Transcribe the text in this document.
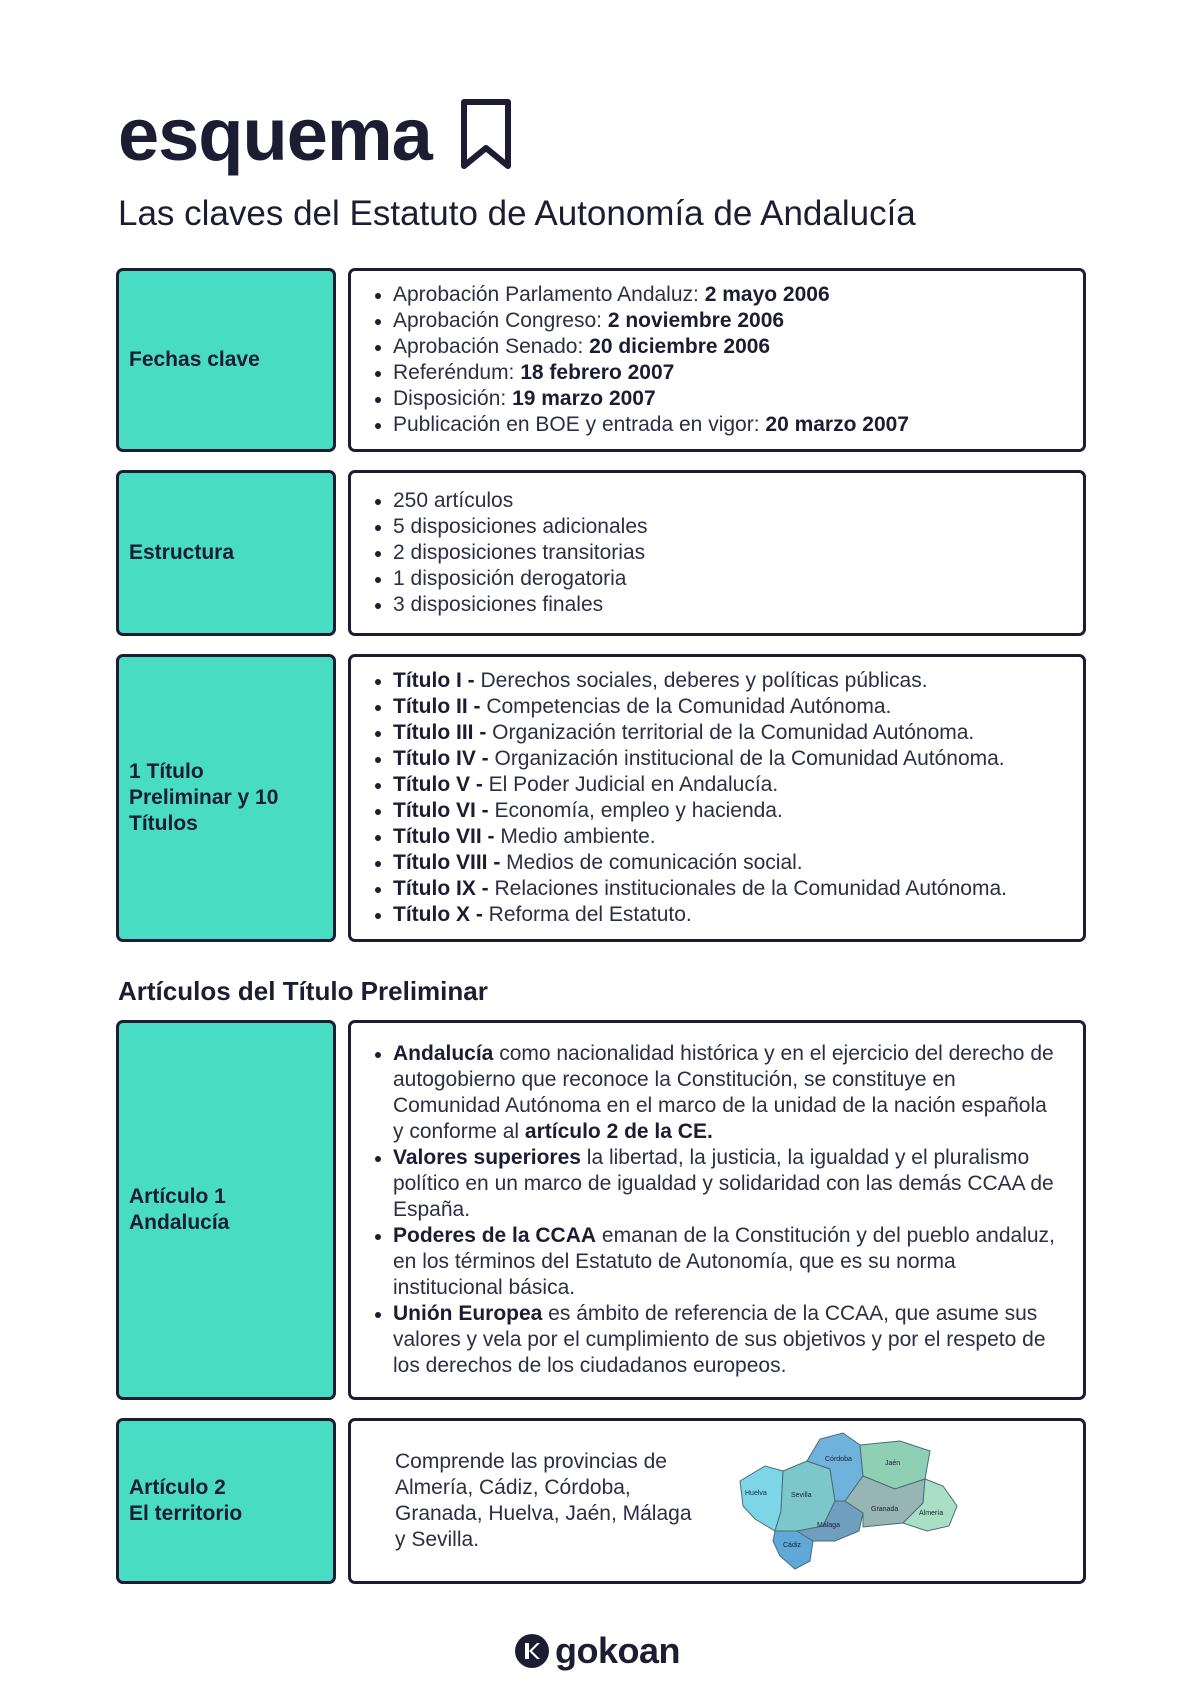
esquema
Las claves del Estatuto de Autonomía de Andalucía
Fechas clave
Aprobación Parlamento Andaluz: 2 mayo 2006
Aprobación Congreso: 2 noviembre 2006
Aprobación Senado: 20 diciembre 2006
Referéndum: 18 febrero 2007
Disposición: 19 marzo 2007
Publicación en BOE y entrada en vigor: 20 marzo 2007
Estructura
250 artículos
5 disposiciones adicionales
2 disposiciones transitorias
1 disposición derogatoria
3 disposiciones finales
1 Título
Preliminar y 10
Títulos
Título I - Derechos sociales, deberes y políticas públicas.
Título II - Competencias de la Comunidad Autónoma.
Título III - Organización territorial de la Comunidad Autónoma.
Título IV - Organización institucional de la Comunidad Autónoma.
Título V - El Poder Judicial en Andalucía.
Título VI - Economía, empleo y hacienda.
Título VII - Medio ambiente.
Título VIII - Medios de comunicación social.
Título IX - Relaciones institucionales de la Comunidad Autónoma.
Título X - Reforma del Estatuto.
Artículos del Título Preliminar
Artículo 1
Andalucía
Andalucía como nacionalidad histórica y en el ejercicio del derecho de autogobierno que reconoce la Constitución, se constituye en Comunidad Autónoma en el marco de la unidad de la nación española y conforme al artículo 2 de la CE.
Valores superiores la libertad, la justicia, la igualdad y el pluralismo político en un marco de igualdad y solidaridad con las demás CCAA de España.
Poderes de la CCAA emanan de la Constitución y del pueblo andaluz, en los términos del Estatuto de Autonomía, que es su norma institucional básica.
Unión Europea es ámbito de referencia de la CCAA, que asume sus valores y vela por el cumplimiento de sus objetivos y por el respeto de los derechos de los ciudadanos europeos.
Artículo 2
El territorio
Comprende las provincias de Almería, Cádiz, Córdoba, Granada, Huelva, Jaén, Málaga y Sevilla.
Huelva	Sevilla
Córdoba
Jaén
Cádiz
Málaga
Granada
Almería
gokoan
